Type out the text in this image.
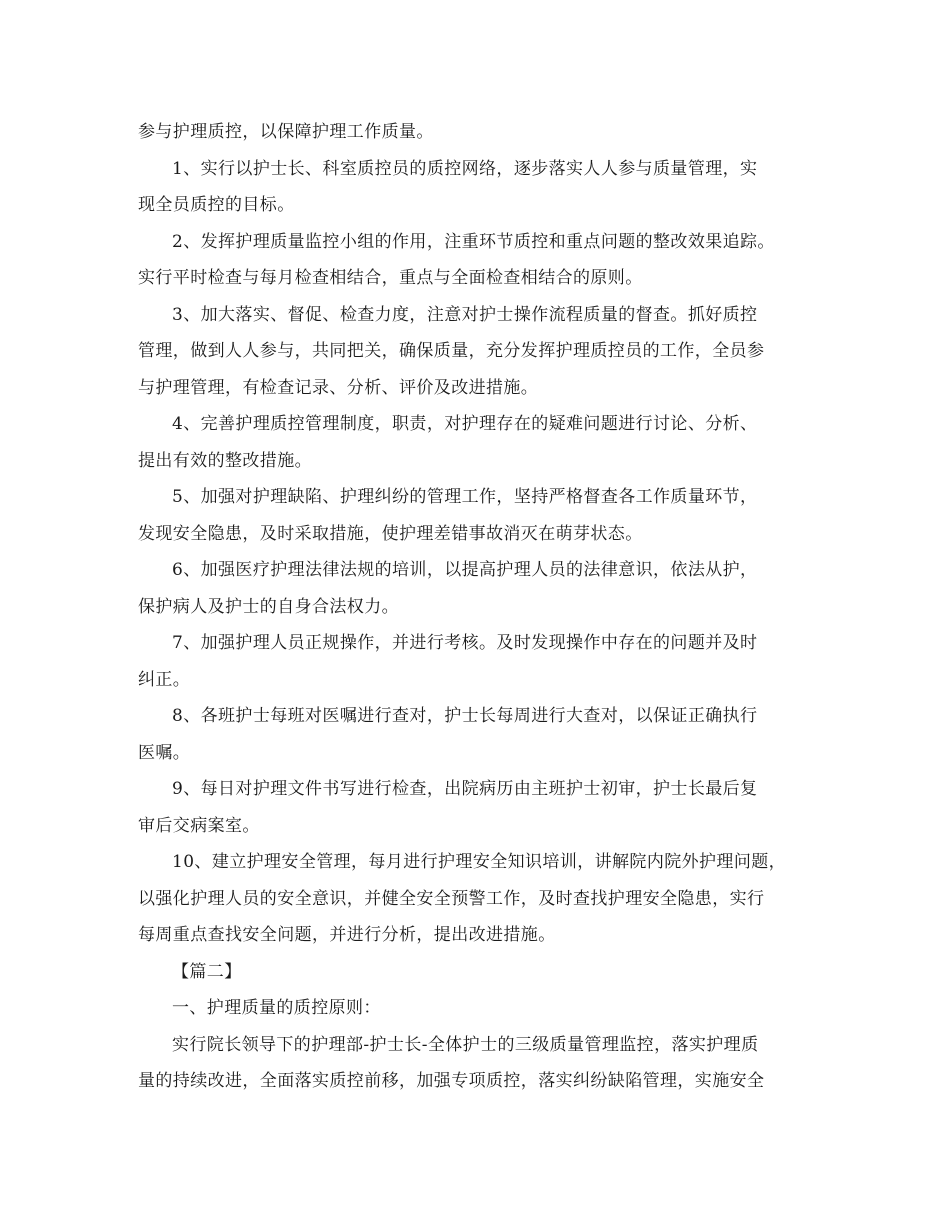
参与护理质控，以保障护理工作质量。
1、实行以护士长、科室质控员的质控网络，逐步落实人人参与质量管理，实
现全员质控的目标。
2、发挥护理质量监控小组的作用，注重环节质控和重点问题的整改效果追踪。
实行平时检查与每月检查相结合，重点与全面检查相结合的原则。
3、加大落实、督促、检查力度，注意对护士操作流程质量的督查。抓好质控
管理，做到人人参与，共同把关，确保质量，充分发挥护理质控员的工作，全员参
与护理管理，有检查记录、分析、评价及改进措施。
4、完善护理质控管理制度，职责，对护理存在的疑难问题进行讨论、分析、
提出有效的整改措施。
5、加强对护理缺陷、护理纠纷的管理工作，坚持严格督查各工作质量环节，
发现安全隐患，及时采取措施，使护理差错事故消灭在萌芽状态。
6、加强医疗护理法律法规的培训，以提高护理人员的法律意识，依法从护，
保护病人及护士的自身合法权力。
7、加强护理人员正规操作，并进行考核。及时发现操作中存在的问题并及时
纠正。
8、各班护士每班对医嘱进行查对，护士长每周进行大查对，以保证正确执行
医嘱。
9、每日对护理文件书写进行检查，出院病历由主班护士初审，护士长最后复
审后交病案室。
10、建立护理安全管理，每月进行护理安全知识培训，讲解院内院外护理问题，
以强化护理人员的安全意识，并健全安全预警工作，及时查找护理安全隐患，实行
每周重点查找安全问题，并进行分析，提出改进措施。
【篇二】
一、护理质量的质控原则：
实行院长领导下的护理部-护士长-全体护士的三级质量管理监控，落实护理质
量的持续改进，全面落实质控前移，加强专项质控，落实纠纷缺陷管理，实施安全
